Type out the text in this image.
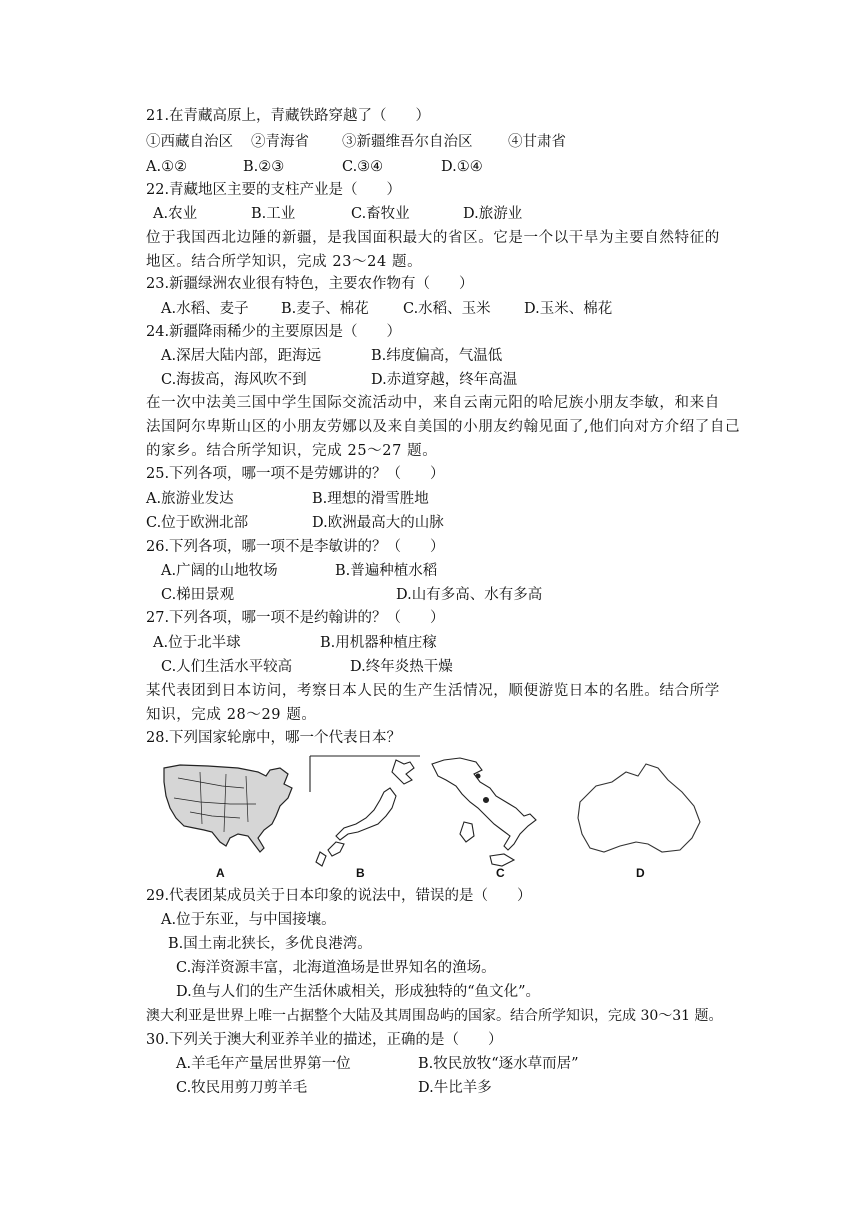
21.在青藏高原上，青藏铁路穿越了（　　）
①西藏自治区 ②青海省 ③新疆维吾尔自治区 ④甘肃省
A.①②	B.②③	C.③④	D.①④
22.青藏地区主要的支柱产业是（　　）
A.农业	B.工业	C.畜牧业	D.旅游业
位于我国西北边陲的新疆，是我国面积最大的省区。它是一个以干旱为主要自然特征的
地区。结合所学知识，完成 23～24 题。
23.新疆绿洲农业很有特色，主要农作物有（　　）
A.水稻、麦子 B.麦子、棉花 C.水稻、玉米 D.玉米、棉花
24.新疆降雨稀少的主要原因是（　　）
A.深居大陆内部，距海远	B.纬度偏高，气温低
C.海拔高，海风吹不到	D.赤道穿越，终年高温
在一次中法美三国中学生国际交流活动中，来自云南元阳的哈尼族小朋友李敏，和来自
法国阿尔卑斯山区的小朋友劳娜以及来自美国的小朋友约翰见面了,他们向对方介绍了自己
的家乡。结合所学知识，完成 25～27 题。
25.下列各项，哪一项不是劳娜讲的？（　　）
A.旅游业发达	B.理想的滑雪胜地
C.位于欧洲北部	D.欧洲最高大的山脉
26.下列各项，哪一项不是李敏讲的？（　　）
A.广阔的山地牧场	B.普遍种植水稻
C.梯田景观	D.山有多高、水有多高
27.下列各项，哪一项不是约翰讲的？（　　）
A.位于北半球	B.用机器种植庄稼
C.人们生活水平较高	D.终年炎热干燥
某代表团到日本访问，考察日本人民的生产生活情况，顺便游览日本的名胜。结合所学
知识，完成 28～29 题。
28.下列国家轮廓中，哪一个代表日本？
A	B	C	D
29.代表团某成员关于日本印象的说法中，错误的是（　　）
A.位于东亚，与中国接壤。
B.国土南北狭长，多优良港湾。
C.海洋资源丰富，北海道渔场是世界知名的渔场。
D.鱼与人们的生产生活休戚相关，形成独特的“鱼文化”。
澳大利亚是世界上唯一占据整个大陆及其周围岛屿的国家。结合所学知识，完成 30～31 题。
30.下列关于澳大利亚养羊业的描述，正确的是（　　）
A.羊毛年产量居世界第一位	B.牧民放牧“逐水草而居”
C.牧民用剪刀剪羊毛	D.牛比羊多
